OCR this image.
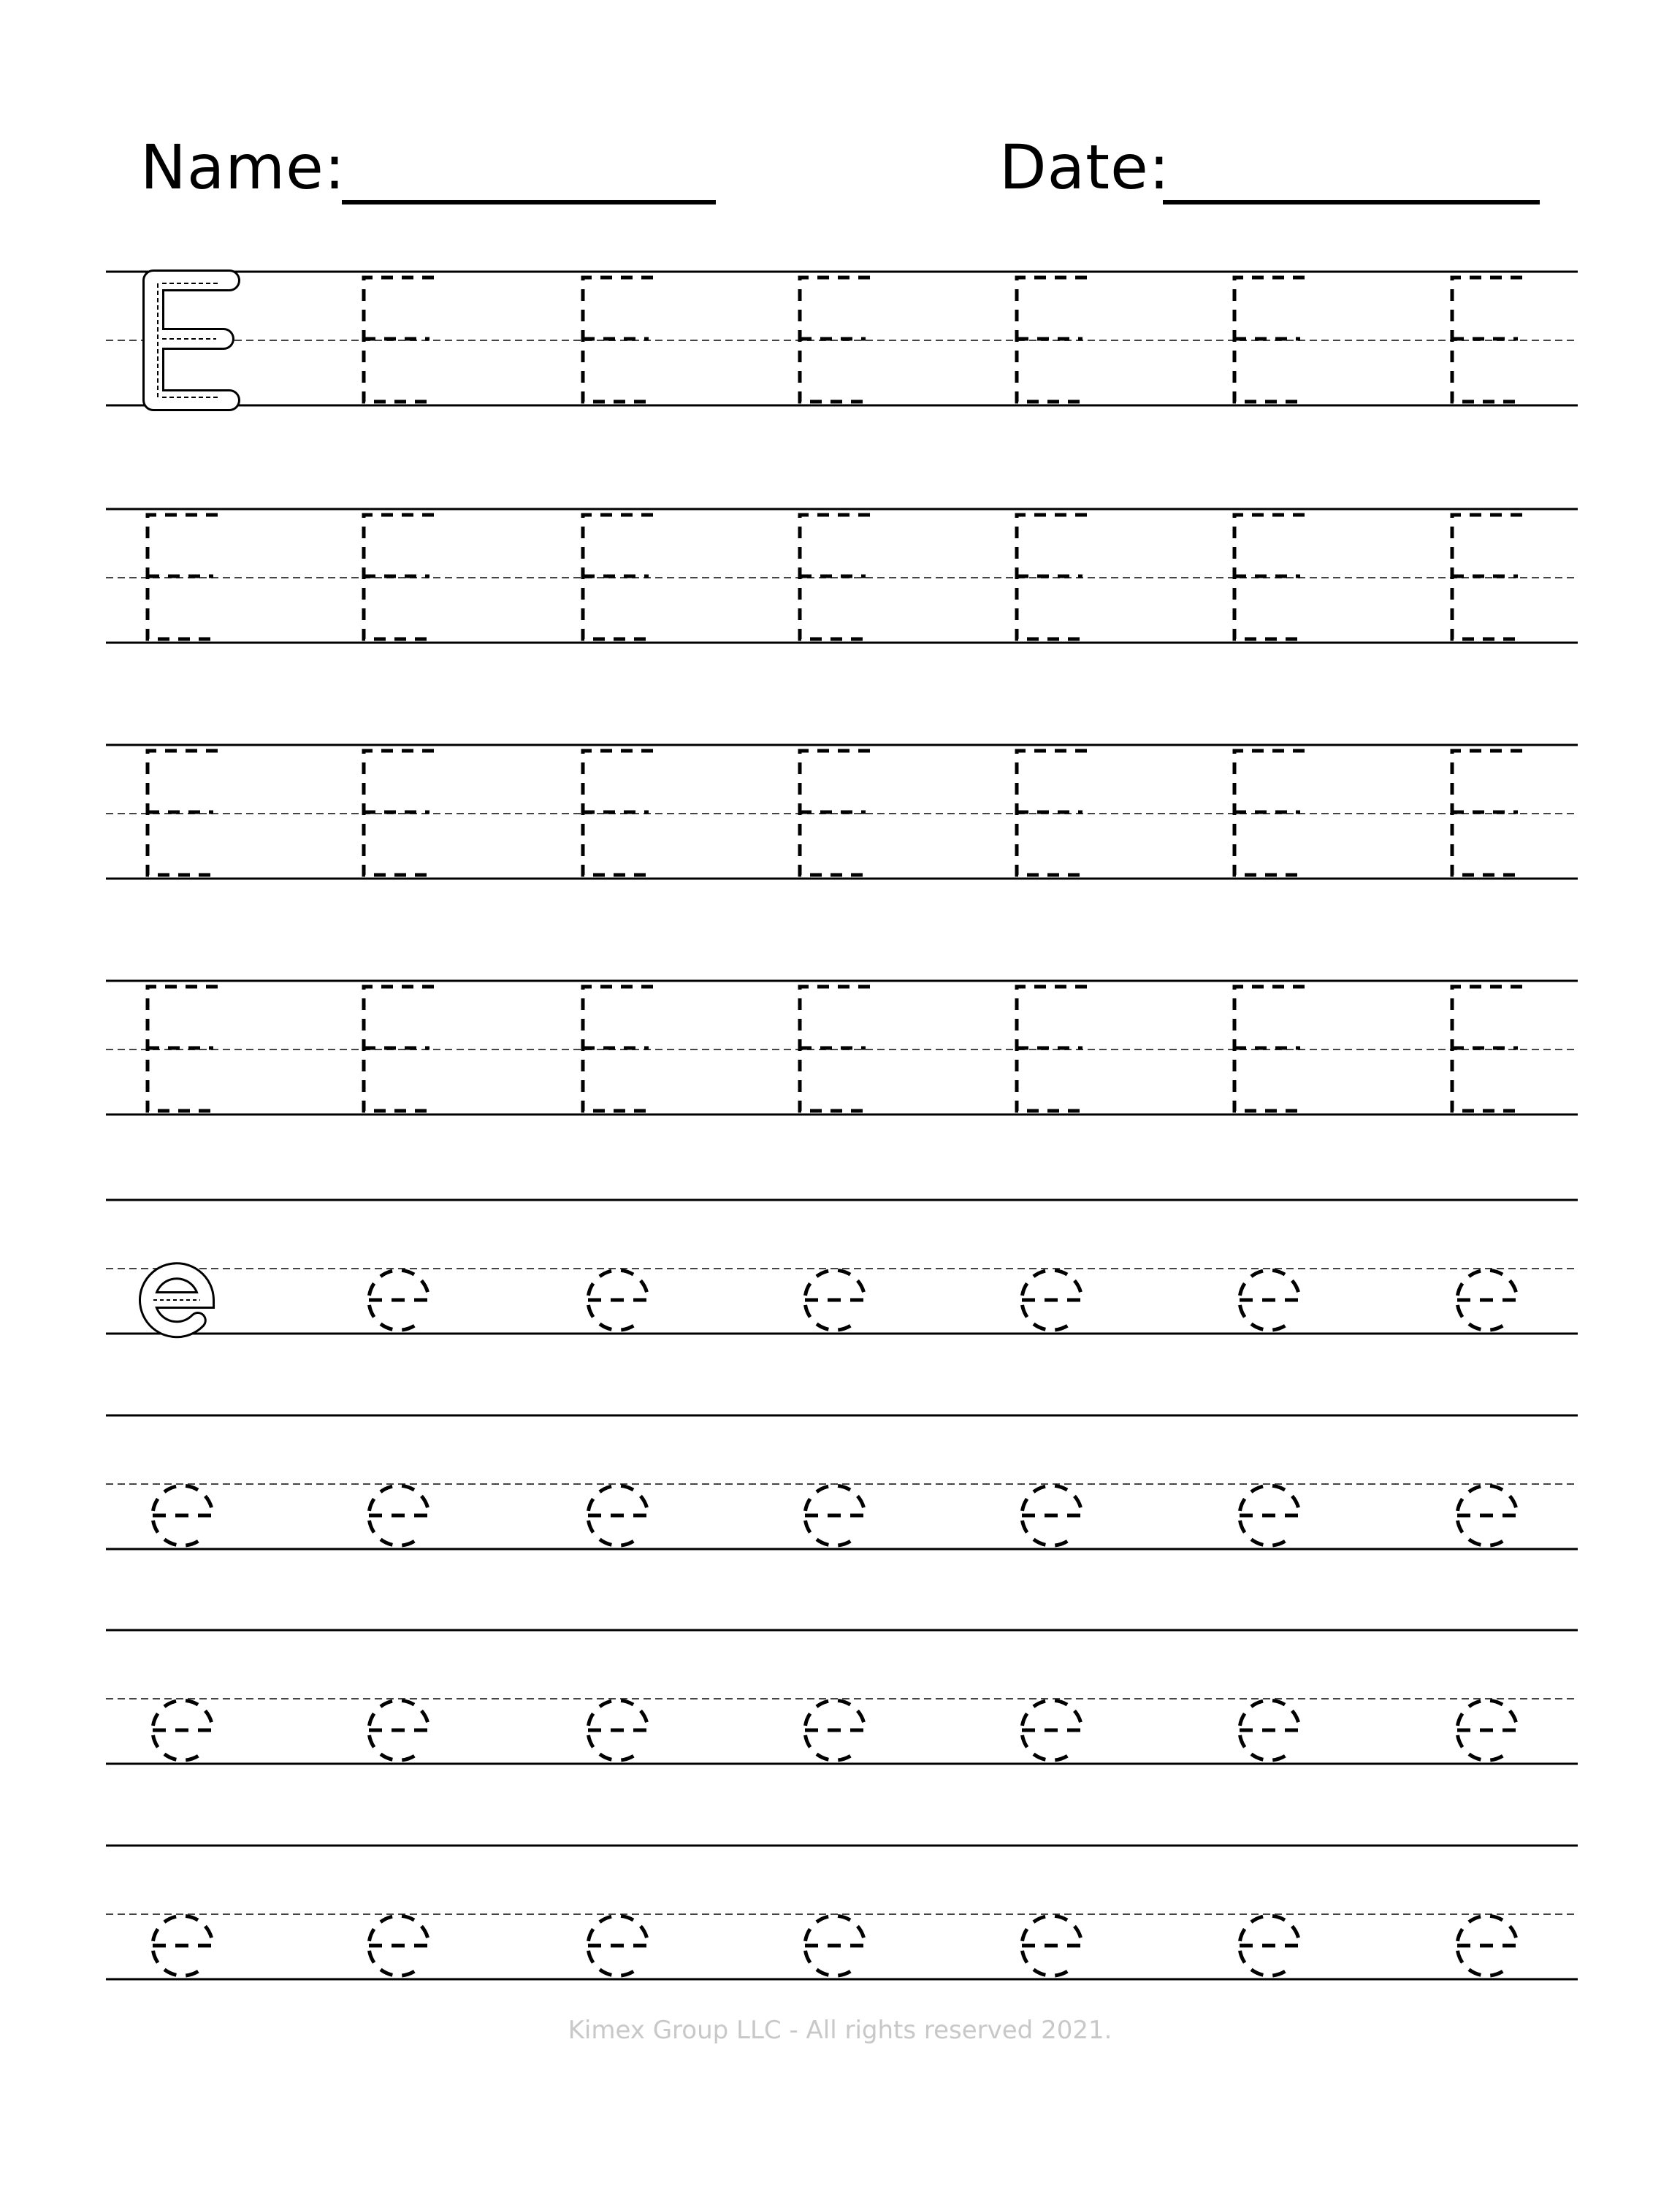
Name:	Date:
Kimex Group LLC - All rights reserved 2021.
